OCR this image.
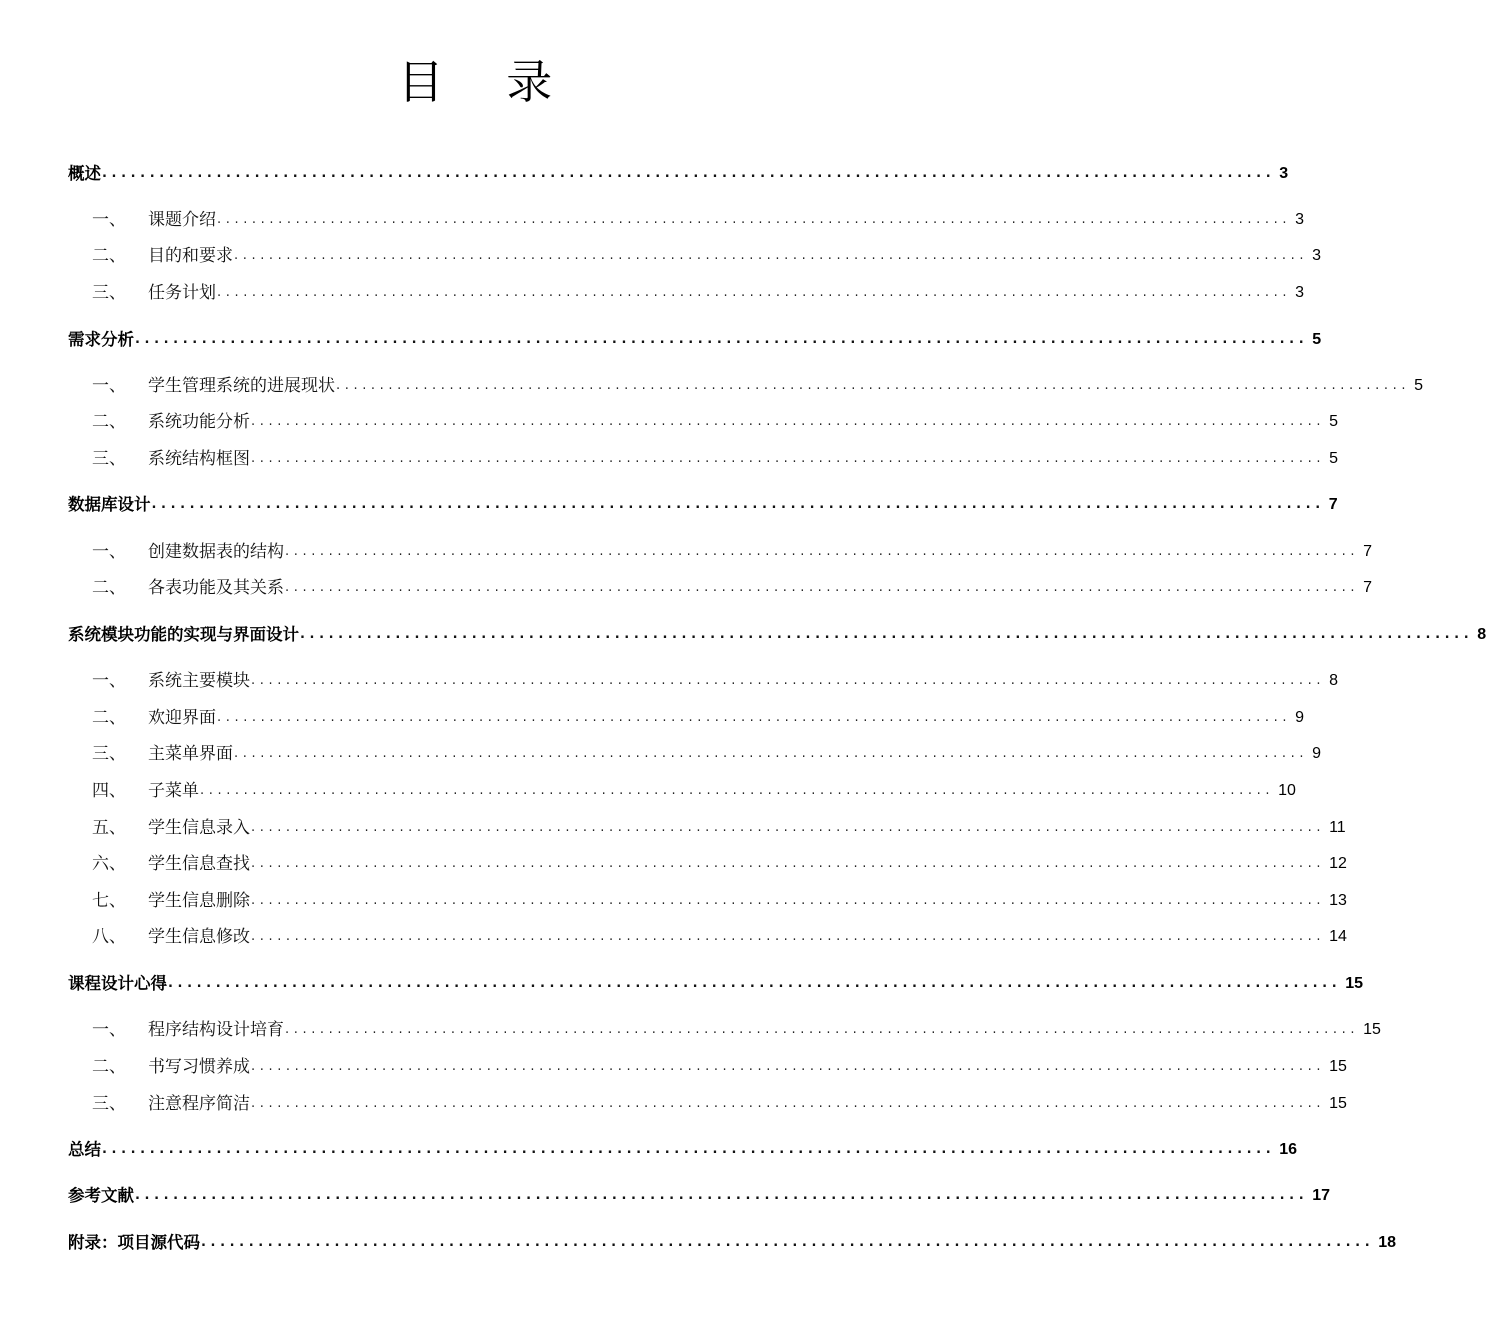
目 录
概述 ........................................................................................................................... 3
一、	课题介绍 ........................................................................................................................... 3
二、	目的和要求 ........................................................................................................................... 3
三、	任务计划 ........................................................................................................................... 3
需求分析 ........................................................................................................................... 5
一、	学生管理系统的进展现状 ........................................................................................................................... 5
二、	系统功能分析 ........................................................................................................................... 5
三、	系统结构框图 ........................................................................................................................... 5
数据库设计 ........................................................................................................................... 7
一、	创建数据表的结构 ........................................................................................................................... 7
二、	各表功能及其关系 ........................................................................................................................... 7
系统模块功能的实现与界面设计 ........................................................................................................................... 8
一、	系统主要模块 ........................................................................................................................... 8
二、	欢迎界面 ........................................................................................................................... 9
三、	主菜单界面 ........................................................................................................................... 9
四、	子菜单 ........................................................................................................................... 10
五、	学生信息录入 ........................................................................................................................... 11
六、	学生信息查找 ........................................................................................................................... 12
七、	学生信息删除 ........................................................................................................................... 13
八、	学生信息修改 ........................................................................................................................... 14
课程设计心得 ........................................................................................................................... 15
一、	程序结构设计培育 ........................................................................................................................... 15
二、	书写习惯养成 ........................................................................................................................... 15
三、	注意程序简洁 ........................................................................................................................... 15
总结 ........................................................................................................................... 16
参考文献 ........................................................................................................................... 17
附录：项目源代码 ........................................................................................................................... 18
